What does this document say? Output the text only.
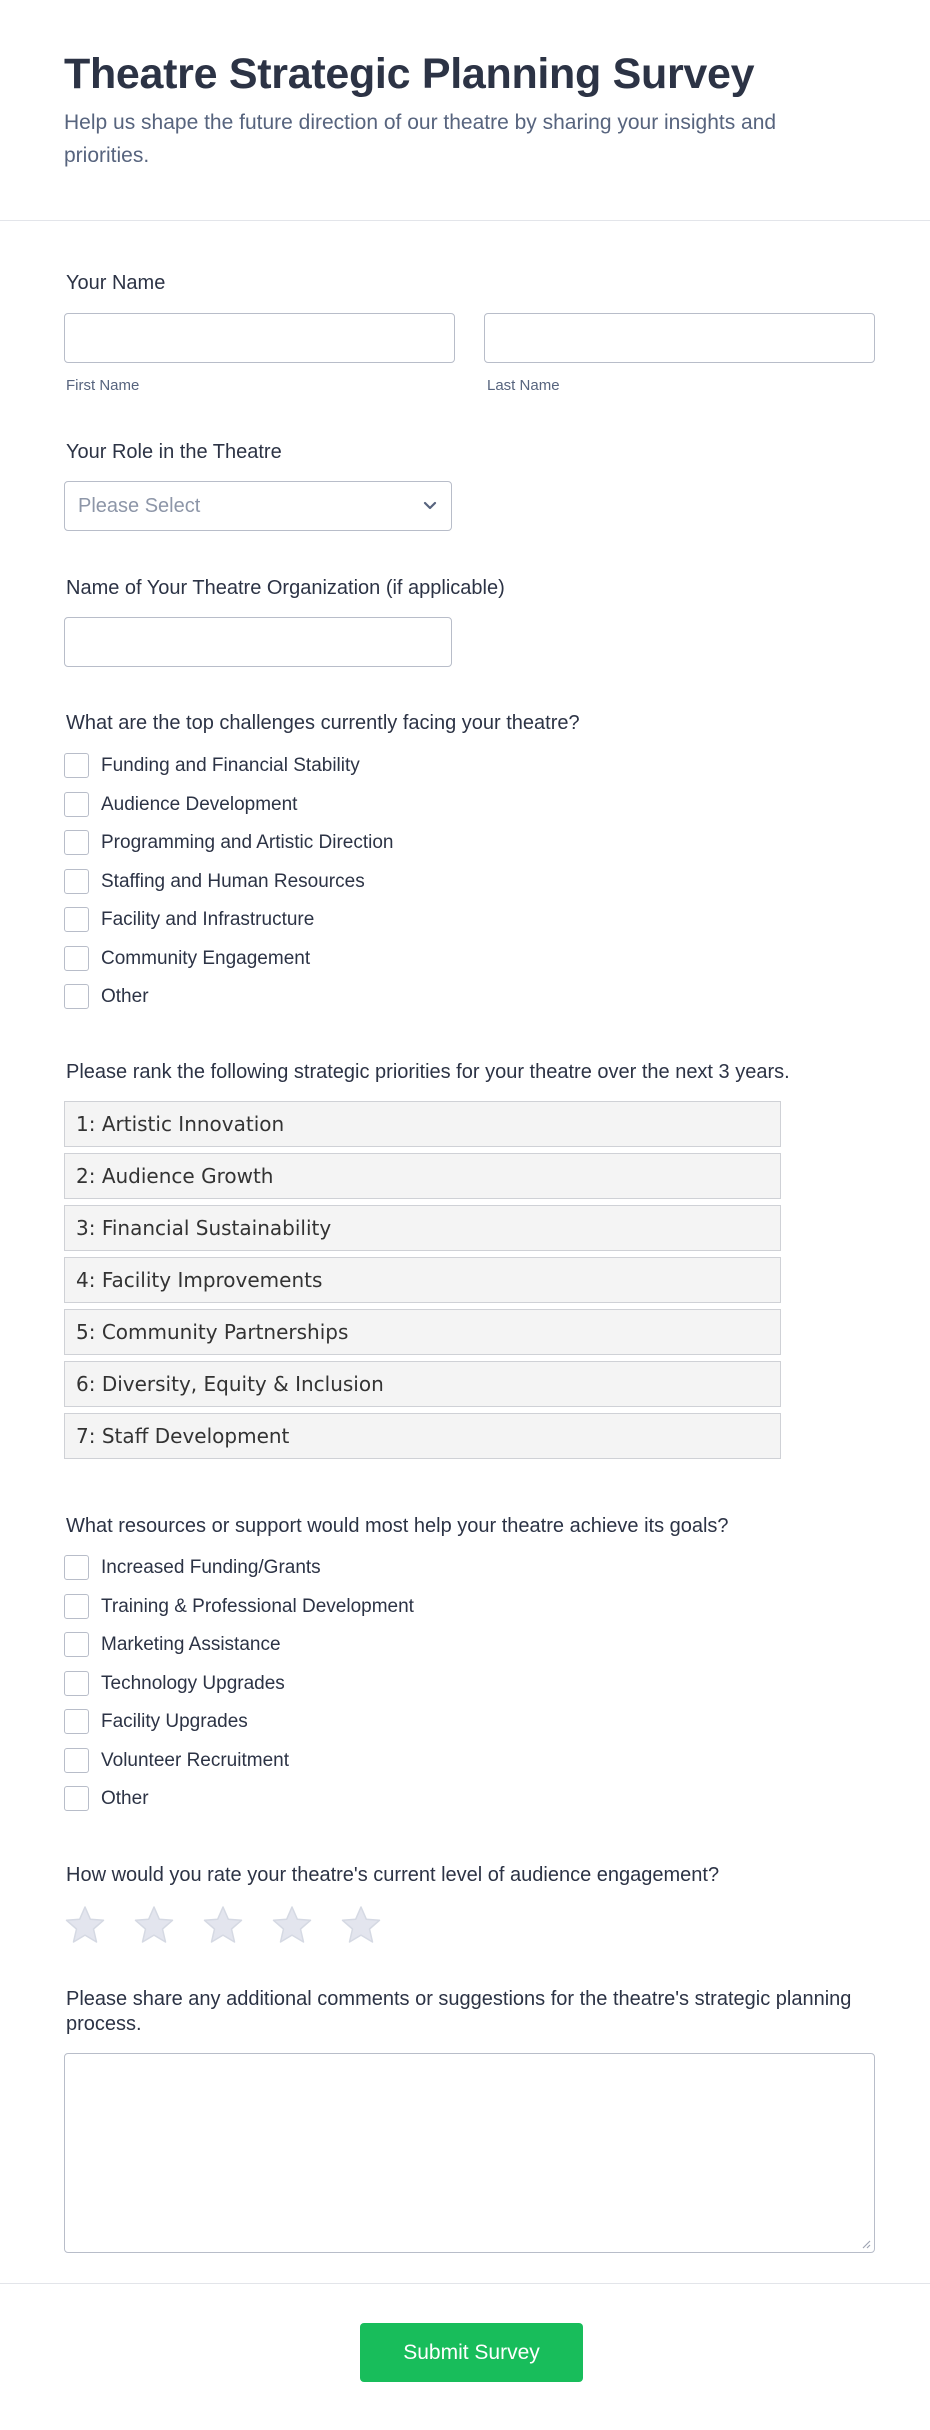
Theatre Strategic Planning Survey
Help us shape the future direction of our theatre by sharing your insights and priorities.
Your Name
First Name	Last Name
Your Role in the Theatre
Please Select
Name of Your Theatre Organization (if applicable)
What are the top challenges currently facing your theatre?
Funding and Financial Stability
Audience Development
Programming and Artistic Direction
Staffing and Human Resources
Facility and Infrastructure
Community Engagement
Other
Please rank the following strategic priorities for your theatre over the next 3 years.
1: Artistic Innovation
2: Audience Growth
3: Financial Sustainability
4: Facility Improvements
5: Community Partnerships
6: Diversity, Equity & Inclusion
7: Staff Development
What resources or support would most help your theatre achieve its goals?
Increased Funding/Grants
Training & Professional Development
Marketing Assistance
Technology Upgrades
Facility Upgrades
Volunteer Recruitment
Other
How would you rate your theatre's current level of audience engagement?
Please share any additional comments or suggestions for the theatre's strategic planning process.
Submit Survey
